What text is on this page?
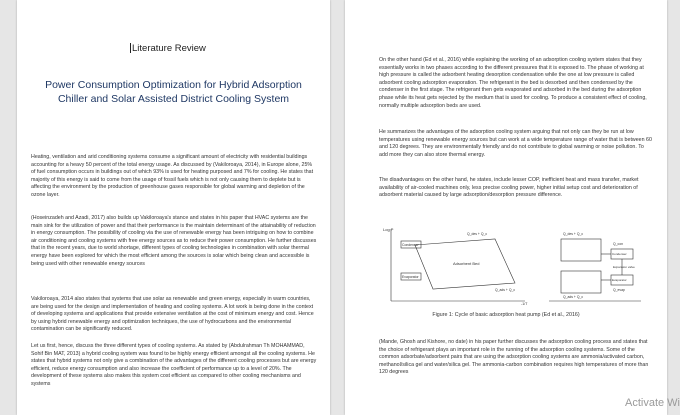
Literature Review
Power Consumption Optimization for Hybrid Adsorption Chiller and Solar Assisted District Cooling System

Heating, ventilation and arid conditioning systems consume a significant amount of electricity with residential buildings accounting for a heavy 50 percent of the total energy usage. As discussed by (Vakiloroaya, 2014), in Europe alone, 25% of fuel consumption occurs in buildings out of which 93% is used for heating purposed and 7% for cooling. He states that majority of this energy is said to come from the usage of fossil fuels which is not only causing them to deplete but is affecting the environment by the production of greenhouse gases responsible for global warming and depletion of the ozone layer.

(Hoseinzadeh and Azadi, 2017) also builds up Vakiloroaya's stance and states in his paper that HVAC systems are the main sink for the utilization of power and that their performance is the maintain determinant of the attainability of reduction in energy consumption. The possibility of cooling via the use of renewable energy has been intriguing on how to combine air conditioning and cooling systems with free energy sources as to reduce their power consumption. He further discusses that in the recent years, due to world shortage, different types of cooling technologies in combination with solar thermal energy have been explored for which the most efficient among the sources is solar which being clean and accessible is being used with other renewable energy sources

Vakiloroaya, 2014 also states that systems that use solar as renewable and green energy, especially in warm countries, are being used for the design and implementation of heating and cooling systems. A lot work is being done in the context of developing systems and applications that provide extensive ventilation at the cost of minimum energy and cost. Hence by using hybrid renewable energy and optimization techniques, the use of hydrocarbons and the environmental contamination can be significantly reduced.

Let us first, hence, discuss the three different types of cooling systems. As stated by (Abdulrahman Th MOHAMMAD, Sohif Bin MAT, 2013) a hybrid cooling system was found to be highly energy efficient amongst all the cooling systems. He states that hybrid systems not only give a combination of the advantages of the different cooling processes but are energy efficient, reduce energy consumption and also increase the coefficient of performance up to a level of 20%. The development of these systems also makes this system cost efficient as compared to other cooling mechanisms and systems

On the other hand (Ed et al., 2016) while explaining the working of an adsorption cooling system states that they essentially works in two phases according to the different pressures that it is exposed to. The phase of working at high pressure is called the adsorbent heating desorption condensation while the one at low pressure is called adsorbent cooling adsorption evaporation. The refrigerant in the bed is desorbed and then condensed by the condenser in the first stage. The refrigerant then gets evaporated and adsorbed in the bed during the adsorption phase while its heat gets rejected by the medium that is used for cooling. To produce a consistent effect of cooling, normally multiple adsorption beds are used.

He summarizes the advantages of the adsorption cooling system arguing that not only can they be run at low temperatures using renewable energy sources but can work at a wide temperature range of water that is between 60 and 120 degrees. They are environmentally friendly and do not contribute to global warming or noise pollution. To add more they can also store thermal energy.

The disadvantages on the other hand, he states, include lesser COP, inefficient heat and mass transfer, market availability of air-cooled machines only, less precise cooling power, higher initial setup cost and deterioration of adsorbent material caused by large adsorption/desorption pressure difference.

Log P
Condenser
Evaporator
Adsorbent Bed
Q_des + Q_c
Q_ads + Q_c
-1/T
Q_des + Q_c
Q_con
Condenser
Expansion valve
Evaporator
Q_evap
Q_ads + Q_c
Figure 1: Cycle of basic adsorption heat pump (Ed et al., 2016)

(Mande, Ghosh and Kishore, no date) in his paper further discusses the adsorption cooling process and states that the choice of refrigerant plays an important role in the running of the adsorption cooling systems. Some of the common adsorbate/adsorbent pairs that are using the adsorption cooling systems are ammonia/activated carbon, methanol/silica gel and water/silica gel. The ammonia-carbon combination requires high temperatures of more than 120 degrees

Activate Wi
